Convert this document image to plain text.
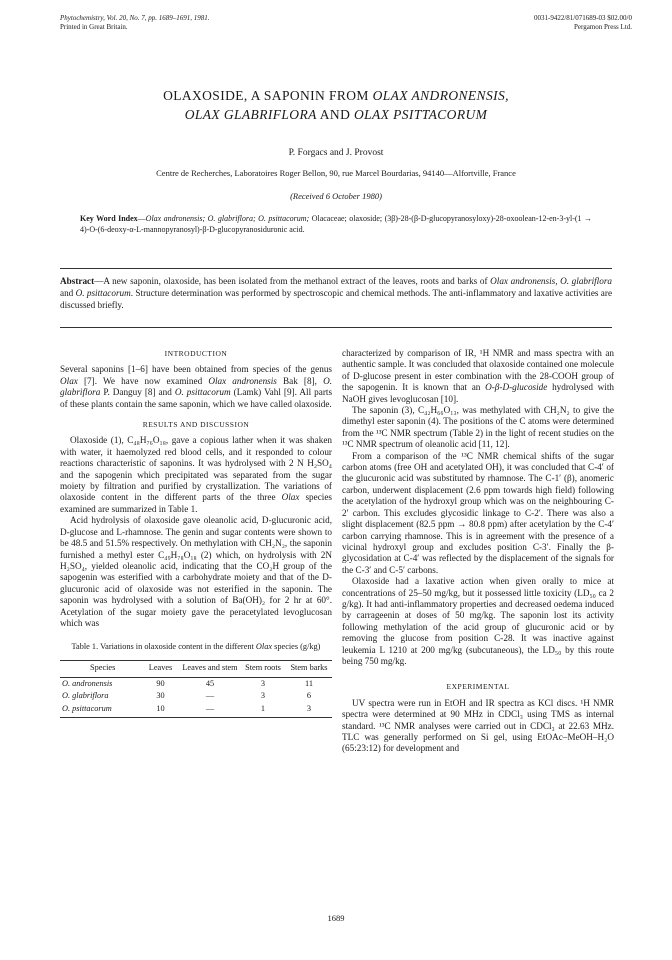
Phytochemistry, Vol. 20, No. 7, pp. 1689–1691, 1981.
Printed in Great Britain.
0031-9422/81/071689-03 $02.00/0
Pergamon Press Ltd.
OLAXOSIDE, A SAPONIN FROM OLAX ANDRONENSIS,
OLAX GLABRIFLORA AND OLAX PSITTACORUM
P. Forgacs and J. Provost
Centre de Recherches, Laboratoires Roger Bellon, 90, rue Marcel Bourdarias, 94140—Alfortville, France
(Received 6 October 1980)
Key Word Index—Olax andronensis; O. glabriflora; O. psittacorum; Olacaceae; olaxoside; (3β)-28-(β-D-glucopyranosyloxy)-28-oxoolean-12-en-3-yl-(1 → 4)-O-(6-deoxy-α-L-mannopyranosyl)-β-D-glucopyranosiduronic acid.
Abstract—A new saponin, olaxoside, has been isolated from the methanol extract of the leaves, roots and barks of Olax andronensis, O. glabriflora and O. psittacorum. Structure determination was performed by spectroscopic and chemical methods. The anti-inflammatory and laxative activities are discussed briefly.
INTRODUCTION

Several saponins [1–6] have been obtained from species of the genus Olax [7]. We have now examined Olax andronensis Bak [8], O. glabriflora P. Danguy [8] and O. psittacorum (Lamk) Vahl [9]. All parts of these plants contain the same saponin, which we have called olaxoside.

RESULTS AND DISCUSSION

Olaxoside (1), C₄₈H₇₆O₁₈, gave a copious lather when it was shaken with water, it haemolyzed red blood cells, and it responded to colour reactions characteristic of saponins. It was hydrolysed with 2 N H₂SO₄ and the sapogenin which precipitated was separated from the sugar moiety by filtration and purified by crystallization. The variations of olaxoside content in the different parts of the three Olax species examined are summarized in Table 1.

Acid hydrolysis of olaxoside gave oleanolic acid, D-glucuronic acid, D-glucose and L-rhamnose. The genin and sugar contents were shown to be 48.5 and 51.5% respectively. On methylation with CH₂N₂, the saponin furnished a methyl ester C₄₉H₇₈O₁₈ (2) which, on hydrolysis with 2N H₂SO₄, yielded oleanolic acid, indicating that the CO₂H group of the sapogenin was esterified with a carbohydrate moiety and that of the D-glucuronic acid of olaxoside was not esterified in the saponin. The saponin was hydrolysed with a solution of Ba(OH)₂ for 2 hr at 60°. Acetylation of the sugar moiety gave the peracetylated levoglucosan which was

Table 1. Variations in olaxoside content in the different Olax species (g/kg)
Species	Leaves	Leaves and stem	Stem roots	Stem barks
O. andronensis	90	45	3	11
O. glabriflora	30	—	3	6
O. psittacorum	10	—	1	3

characterized by comparison of IR, ¹H NMR and mass spectra with an authentic sample. It was concluded that olaxoside contained one molecule of D-glucose present in ester combination with the 28-COOH group of the sapogenin. It is known that an O-β-D-glucoside hydrolysed with NaOH gives levoglucosan [10].

The saponin (3), C₄₂H₆₆O₁₃, was methylated with CH₂N₂ to give the dimethyl ester saponin (4). The positions of the C atoms were determined from the ¹³C NMR spectrum (Table 2) in the light of recent studies on the ¹³C NMR spectrum of oleanolic acid [11, 12].

From a comparison of the ¹³C NMR chemical shifts of the sugar carbon atoms (free OH and acetylated OH), it was concluded that C-4′ of the glucuronic acid was substituted by rhamnose. The C-1′ (β), anomeric carbon, underwent displacement (2.6 ppm towards high field) following the acetylation of the hydroxyl group which was on the neighbouring C-2′ carbon. This excludes glycosidic linkage to C-2′. There was also a slight displacement (82.5 ppm → 80.8 ppm) after acetylation by the C-4′ carbon carrying rhamnose. This is in agreement with the presence of a vicinal hydroxyl group and excludes position C-3′. Finally the β-glycosidation at C-4′ was reflected by the displacement of the signals for the C-3′ and C-5′ carbons.

Olaxoside had a laxative action when given orally to mice at concentrations of 25–50 mg/kg, but it possessed little toxicity (LD₅₀ ca 2 g/kg). It had anti-inflammatory properties and decreased oedema induced by carrageenin at doses of 50 mg/kg. The saponin lost its activity following methylation of the acid group of glucuronic acid or by removing the glucose from position C-28. It was inactive against leukemia L 1210 at 200 mg/kg (subcutaneous), the LD₅₀ by this route being 750 mg/kg.

EXPERIMENTAL

UV spectra were run in EtOH and IR spectra as KCl discs. ¹H NMR spectra were determined at 90 MHz in CDCl₃ using TMS as internal standard. ¹³C NMR analyses were carried out in CDCl₃ at 22.63 MHz. TLC was generally performed on Si gel, using EtOAc–MeOH–H₂O (65:23:12) for development and

1689
